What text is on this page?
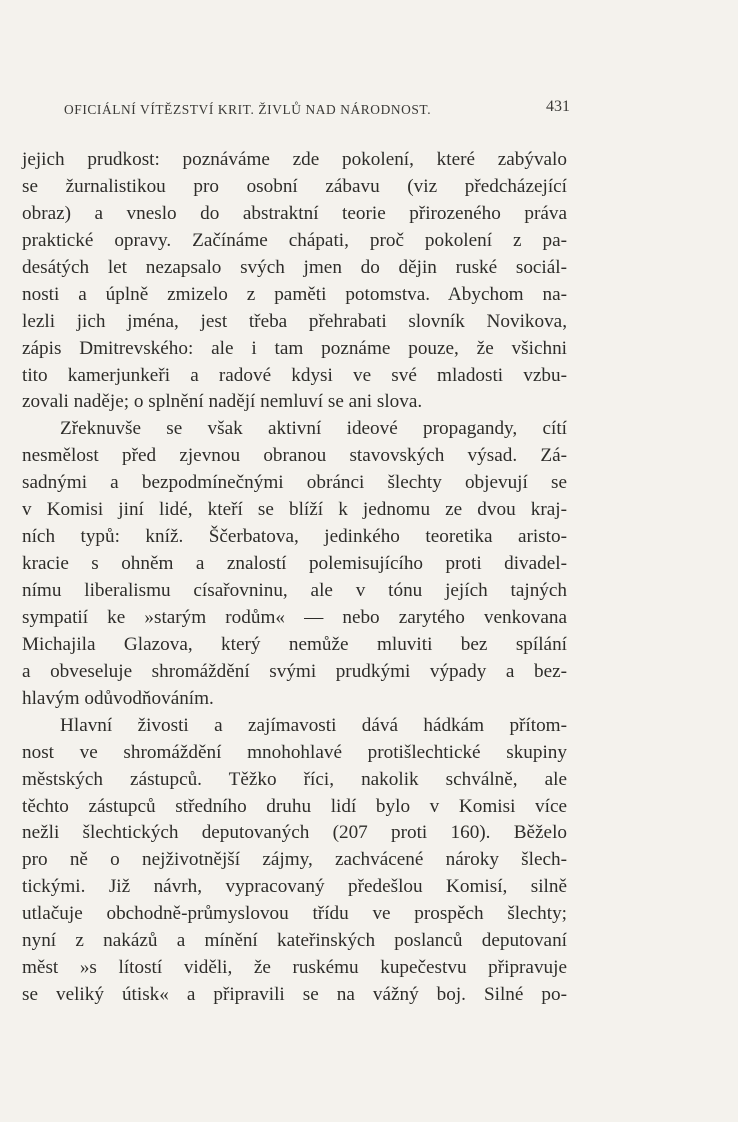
OFICIÁLNÍ VÍTĚZSTVÍ KRIT. ŽIVLŮ NAD NÁRODNOST.	431
jejich prudkost: poznáváme zde pokolení, které zabývalo
se žurnalistikou pro osobní zábavu (viz předcházející
obraz) a vneslo do abstraktní teorie přirozeného práva
praktické opravy. Začínáme chápati, proč pokolení z pa-
desátých let nezapsalo svých jmen do dějin ruské sociál-
nosti a úplně zmizelo z paměti potomstva. Abychom na-
lezli jich jména, jest třeba přehrabati slovník Novikova,
zápis Dmitrevského: ale i tam poznáme pouze, že všichni
tito kamerjunkeři a radové kdysi ve své mladosti vzbu-
zovali naděje; o splnění nadějí nemluví se ani slova.
Zřeknuvše se však aktivní ideové propagandy, cítí
nesmělost před zjevnou obranou stavovských výsad. Zá-
sadnými a bezpodmínečnými obránci šlechty objevují se
v Komisi jiní lidé, kteří se blíží k jednomu ze dvou kraj-
ních typů: kníž. Ščerbatova, jedinkého teoretika aristo-
kracie s ohněm a znalostí polemisujícího proti divadel-
nímu liberalismu císařovninu, ale v tónu jejích tajných
sympatií ke »starým rodům« — nebo zarytého venkovana
Michajila Glazova, který nemůže mluviti bez spílání
a obveseluje shromáždění svými prudkými výpady a bez-
hlavým odůvodňováním.
Hlavní živosti a zajímavosti dává hádkám přítom-
nost ve shromáždění mnohohlavé protišlechtické skupiny
městských zástupců. Těžko říci, nakolik schválně, ale
těchto zástupců středního druhu lidí bylo v Komisi více
nežli šlechtických deputovaných (207 proti 160). Běželo
pro ně o nejživotnější zájmy, zachvácené nároky šlech-
tickými. Již návrh, vypracovaný předešlou Komisí, silně
utlačuje obchodně-průmyslovou třídu ve prospěch šlechty;
nyní z nakázů a mínění kateřinských poslanců deputovaní
měst »s lítostí viděli, že ruskému kupečestvu připravuje
se veliký útisk« a připravili se na vážný boj. Silné po-
